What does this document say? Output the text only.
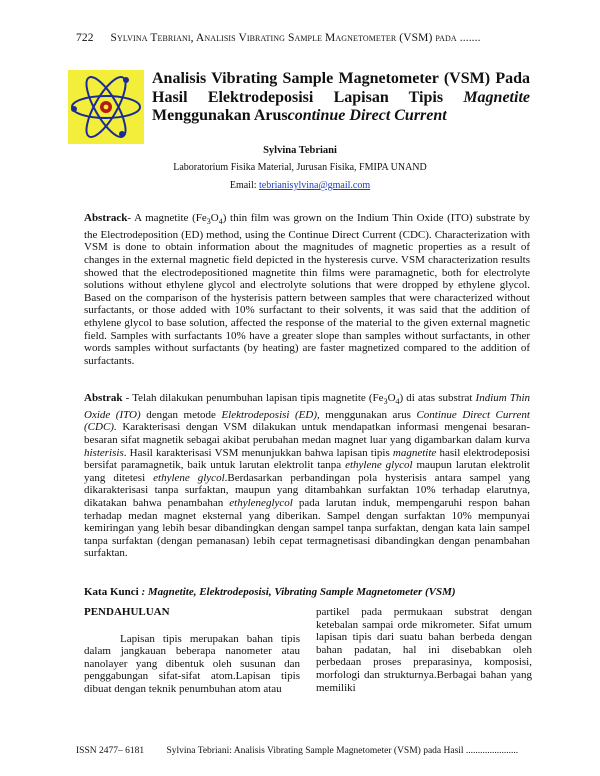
722 Sylvina Tebriani, Analisis Vibrating Sample Magnetometer (VSM) pada .......
Analisis Vibrating Sample Magnetometer (VSM) Pada
Hasil Elektrodeposisi Lapisan Tipis Magnetite
Menggunakan Aruscontinue Direct Current
Sylvina Tebriani
Laboratorium Fisika Material, Jurusan Fisika, FMIPA UNAND
Email: tebrianisylvina@gmail.com

Abstrack- A magnetite $(Fe_3O_4)$ thin film was grown on the Indium Thin Oxide (ITO) substrate by the Electrodeposition (ED) method, using the Continue Direct Current (CDC). Characterization with VSM is done to obtain information about the magnitudes of magnetic properties as a result of changes in the external magnetic field depicted in the hysteresis curve. VSM characterization results showed that the electrodepositioned magnetite thin films were paramagnetic, both for electrolyte solutions without ethylene glycol and electrolyte solutions that were dropped by ethylene glycol. Based on the comparison of the hysterisis pattern between samples that were characterized without surfactants, or those added with 10% surfactant to their solvents, it was said that the addition of ethylene glycol to base solution, affected the response of the material to the given external magnetic field. Samples with surfactants 10% have a greater slope than samples without surfactants, in other words samples without surfactants (by heating) are faster magnetized compared to the addition of surfactants.

Abstrak - Telah dilakukan penumbuhan lapisan tipis magnetite $(Fe_3O_4)$ di atas substrat Indium Thin Oxide (ITO) dengan metode Elektrodeposisi (ED), menggunakan arus Continue Direct Current (CDC). Karakterisasi dengan VSM dilakukan untuk mendapatkan informasi mengenai besaran-besaran sifat magnetik sebagai akibat perubahan medan magnet luar yang digambarkan dalam kurva histerisis. Hasil karakterisasi VSM menunjukkan bahwa lapisan tipis magnetite hasil elektrodeposisi bersifat paramagnetik, baik untuk larutan elektrolit tanpa ethylene glycol maupun larutan elektrolit yang ditetesi ethylene glycol.Berdasarkan perbandingan pola hysterisis antara sampel yang dikarakterisasi tanpa surfaktan, maupun yang ditambahkan surfaktan 10% terhadap elarutnya, dikatakan bahwa penambahan ethyleneglycol pada larutan induk, mempengaruhi respon bahan terhadap medan magnet eksternal yang diberikan. Sampel dengan surfaktan 10% mempunyai kemiringan yang lebih besar dibandingkan dengan sampel tanpa surfaktan, dengan kata lain sampel tanpa surfaktan (dengan pemanasan) lebih cepat termagnetisasi dibandingkan dengan penambahan surfaktan.

Kata Kunci : Magnetite, Elektrodeposisi, Vibrating Sample Magnetometer (VSM)
PENDAHULUAN
Lapisan tipis merupakan bahan tipis dalam jangkauan beberapa nanometer atau nanolayer yang dibentuk oleh susunan dan penggabungan sifat-sifat atom.Lapisan tipis dibuat dengan teknik penumbuhan atom atau
partikel pada permukaan substrat dengan ketebalan sampai orde mikrometer. Sifat umum lapisan tipis dari suatu bahan berbeda dengan bahan padatan, hal ini disebabkan oleh perbedaan proses preparasinya, komposisi, morfologi dan strukturnya.Berbagai bahan yang memiliki
ISSN 2477– 6181 Sylvina Tebriani: Analisis Vibrating Sample Magnetometer (VSM) pada Hasil ......................
